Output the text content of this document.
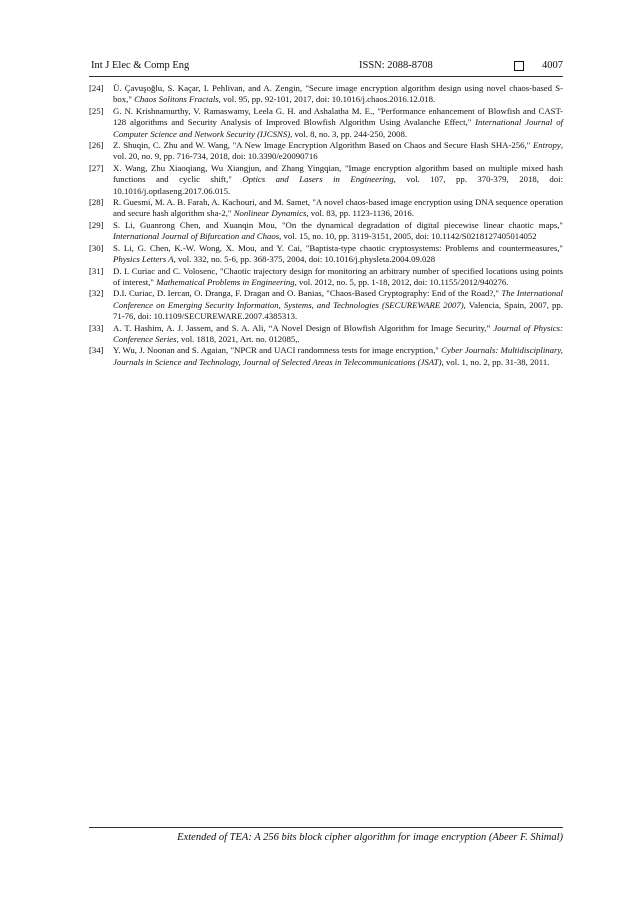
Int J Elec & Comp Eng	ISSN: 2088-8708	4007
[24] Ü. Çavuşoğlu, S. Kaçar, I. Pehlivan, and A. Zengin, "Secure image encryption algorithm design using novel chaos-based S-box," Chaos Solitons Fractals, vol. 95, pp. 92-101, 2017, doi: 10.1016/j.chaos.2016.12.018.
[25] G. N. Krishnamurthy, V. Ramaswamy, Leela G. H. and Ashalatha M. E., "Performance enhancement of Blowfish and CAST-128 algorithms and Security Analysis of Improved Blowfish Algorithm Using Avalanche Effect," International Journal of Computer Science and Network Security (IJCSNS), vol. 8, no. 3, pp. 244-250, 2008.
[26] Z. Shuqin, C. Zhu and W. Wang, "A New Image Encryption Algorithm Based on Chaos and Secure Hash SHA-256," Entropy, vol. 20, no. 9, pp. 716-734, 2018, doi: 10.3390/e20090716
[27] X. Wang, Zhu Xiaoqiang, Wu Xiangjun, and Zhang Yingqian, "Image encryption algorithm based on multiple mixed hash functions and cyclic shift," Optics and Lasers in Engineering, vol. 107, pp. 370-379, 2018, doi: 10.1016/j.optlaseng.2017.06.015.
[28] R. Guesmi, M. A. B. Farah, A. Kachouri, and M. Samet, "A novel chaos-based image encryption using DNA sequence operation and secure hash algorithm sha-2," Nonlinear Dynamics, vol. 83, pp. 1123-1136, 2016.
[29] S. Li, Guanrong Chen, and Xuanqin Mou, "On the dynamical degradation of digital piecewise linear chaotic maps," International Journal of Bifurcation and Chaos, vol. 15, no. 10, pp. 3119-3151, 2005, doi: 10.1142/S0218127405014052
[30] S. Li, G. Chen, K.-W. Wong, X. Mou, and Y. Cai, "Baptista-type chaotic cryptosystems: Problems and countermeasures," Physics Letters A, vol. 332, no. 5-6, pp. 368-375, 2004, doi: 10.1016/j.physleta.2004.09.028
[31] D. I. Curiac and C. Volosenc, "Chaotic trajectory design for monitoring an arbitrary number of specified locations using points of interest," Mathematical Problems in Engineering, vol. 2012, no. 5, pp. 1-18, 2012, doi: 10.1155/2012/940276.
[32] D.I. Curiac, D. Iercan, O. Dranga, F. Dragan and O. Banias, "Chaos-Based Cryptography: End of the Road?," The International Conference on Emerging Security Information, Systems, and Technologies (SECUREWARE 2007), Valencia, Spain, 2007, pp. 71-76, doi: 10.1109/SECUREWARE.2007.4385313.
[33] A. T. Hashim, A. J. Jassem, and S. A. Ali, “A Novel Design of Blowfish Algorithm for Image Security,” Journal of Physics: Conference Series, vol. 1818, 2021, Art. no. 012085,.
[34] Y. Wu, J. Noonan and S. Agaian, "NPCR and UACI randomness tests for image encryption," Cyber Journals: Multidisciplinary, Journals in Science and Technology, Journal of Selected Areas in Telecommunications (JSAT), vol. 1, no. 2, pp. 31-38, 2011.
Extended of TEA: A 256 bits block cipher algorithm for image encryption (Abeer F. Shimal)
